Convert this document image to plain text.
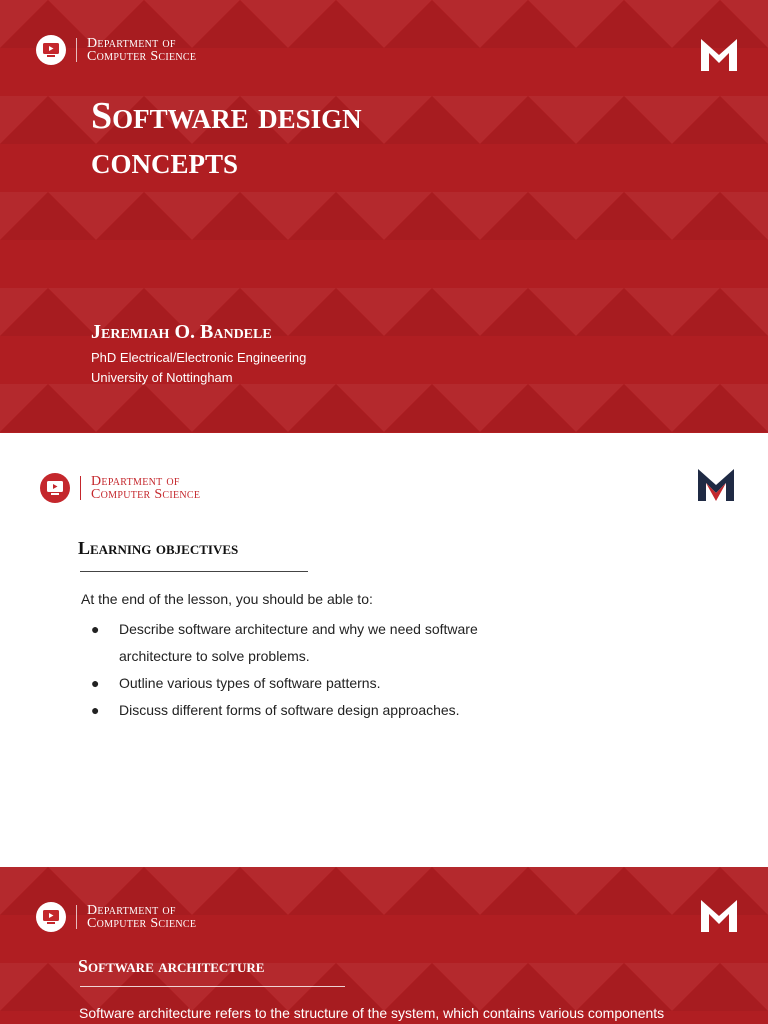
Department of
Computer Science
Software design concepts
Jeremiah O. Bandele
PhD Electrical/Electronic Engineering
University of Nottingham
Department of
Computer Science
Learning objectives
At the end of the lesson, you should be able to:
● Describe software architecture and why we need software architecture to solve problems.
● Outline various types of software patterns.
● Discuss different forms of software design approaches.
Department of
Computer Science
Software architecture
Software architecture refers to the structure of the system, which contains various components
